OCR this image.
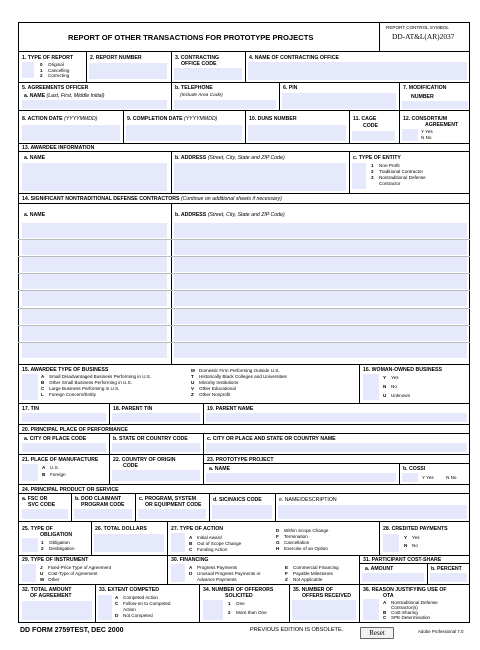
REPORT OF OTHER TRANSACTIONS FOR PROTOTYPE PROJECTS
REPORT CONTROL SYMBOL
DD-AT&L(AR)2037
1. TYPE OF REPORT
0 Original
1 Cancelling
2 Correcting
2. REPORT NUMBER	3. CONTRACTING
OFFICE CODE
4. NAME OF CONTRACTING OFFICE
5. AGREEMENTS OFFICER
a. NAME (Last, First, Middle Initial)
b. TELEPHONE
(Include Area Code)
6. PIN	7. MODIFICATION
NUMBER
8. ACTION DATE (YYYYMMDD)	9. COMPLETION DATE (YYYYMMDD)	10. DUNS NUMBER	11. CAGE
CODE
12. CONSORTIUM
AGREEMENT
Y Yes
N No
13. AWARDEE INFORMATION
a. NAME	b. ADDRESS (Street, City, State and ZIP Code)	c. TYPE OF ENTITY
1 Non-Profit
2 Traditional Contractor
3 Nontraditional Defense
Contractor
14. SIGNIFICANT NONTRADITIONAL DEFENSE CONTRACTORS (Continue on additional sheets if necessary)
a. NAME	b. ADDRESS (Street, City, State and ZIP Code)
15. AWARDEE TYPE OF BUSINESS
A Small Disadvantaged Business Performing in U.S.
B Other Small Business Performing in U.S.
C Large Business Performing in U.S.
L Foreign Concern/Entity
M Domestic Firm Performing Outside U.S.
T Historically Black Colleges and Universities
U Minority Institutions
V Other Educational
Z Other Nonprofit
16. WOMAN-OWNED BUSINESS
Y Yes
N No
U Unknown
17. TIN	18. PARENT TIN	19. PARENT NAME
20. PRINCIPAL PLACE OF PERFORMANCE
a. CITY OR PLACE CODE	b. STATE OR COUNTRY CODE	c. CITY OR PLACE AND STATE OR COUNTRY NAME
21. PLACE OF MANUFACTURE
A U.S.
B Foreign
22. COUNTRY OF ORIGIN
CODE
23. PROTOTYPE PROJECT
a. NAME	b. COSSI
Y Yes	N No
24. PRINCIPAL PRODUCT OR SERVICE
a. FSC OR
SVC CODE
b. DOD CLAIMANT
PROGRAM CODE
c. PROGRAM, SYSTEM
OR EQUIPMENT CODE
d. SIC/NAICS CODE	e. NAME/DESCRIPTION
25. TYPE OF
OBLIGATION
1 Obligation
2 Deobligation
26. TOTAL DOLLARS	27. TYPE OF ACTION
A Initial Award
B Out of Scope Change
C Funding Action
D Within Scope Change
F Termination
G Cancellation
H Exercise of an Option
28. CREDITED PAYMENTS
Y Yes
N No
29. TYPE OF INSTRUMENT
J Fixed-Price Type of Agreement
U Cost-Type of Agreement
W Other
30. FINANCING
A Progress Payments
D Unusual Progress Payments or
Advance Payments
E Commercial Financing
F Payable Milestones
Z Not Applicable
31. PARTICIPANT COST-SHARE
a. AMOUNT	b. PERCENT
32. TOTAL AMOUNT
OF AGREEMENT
33. EXTENT COMPETED
A Competed Action
C Follow-on to Competed
Action
D Not Competed
34. NUMBER OF OFFERORS
SOLICITED
1 One
2 More than One
35. NUMBER OF
OFFERS RECEIVED
36. REASON JUSTIFYING USE OF
OTA
A Nontraditional Defense
Contractor(s)
B Cost-Sharing
C SPE Determination
DD FORM 2759TEST, DEC 2000	PREVIOUS EDITION IS OBSOLETE.	Reset	Adobe Professional 7.0
